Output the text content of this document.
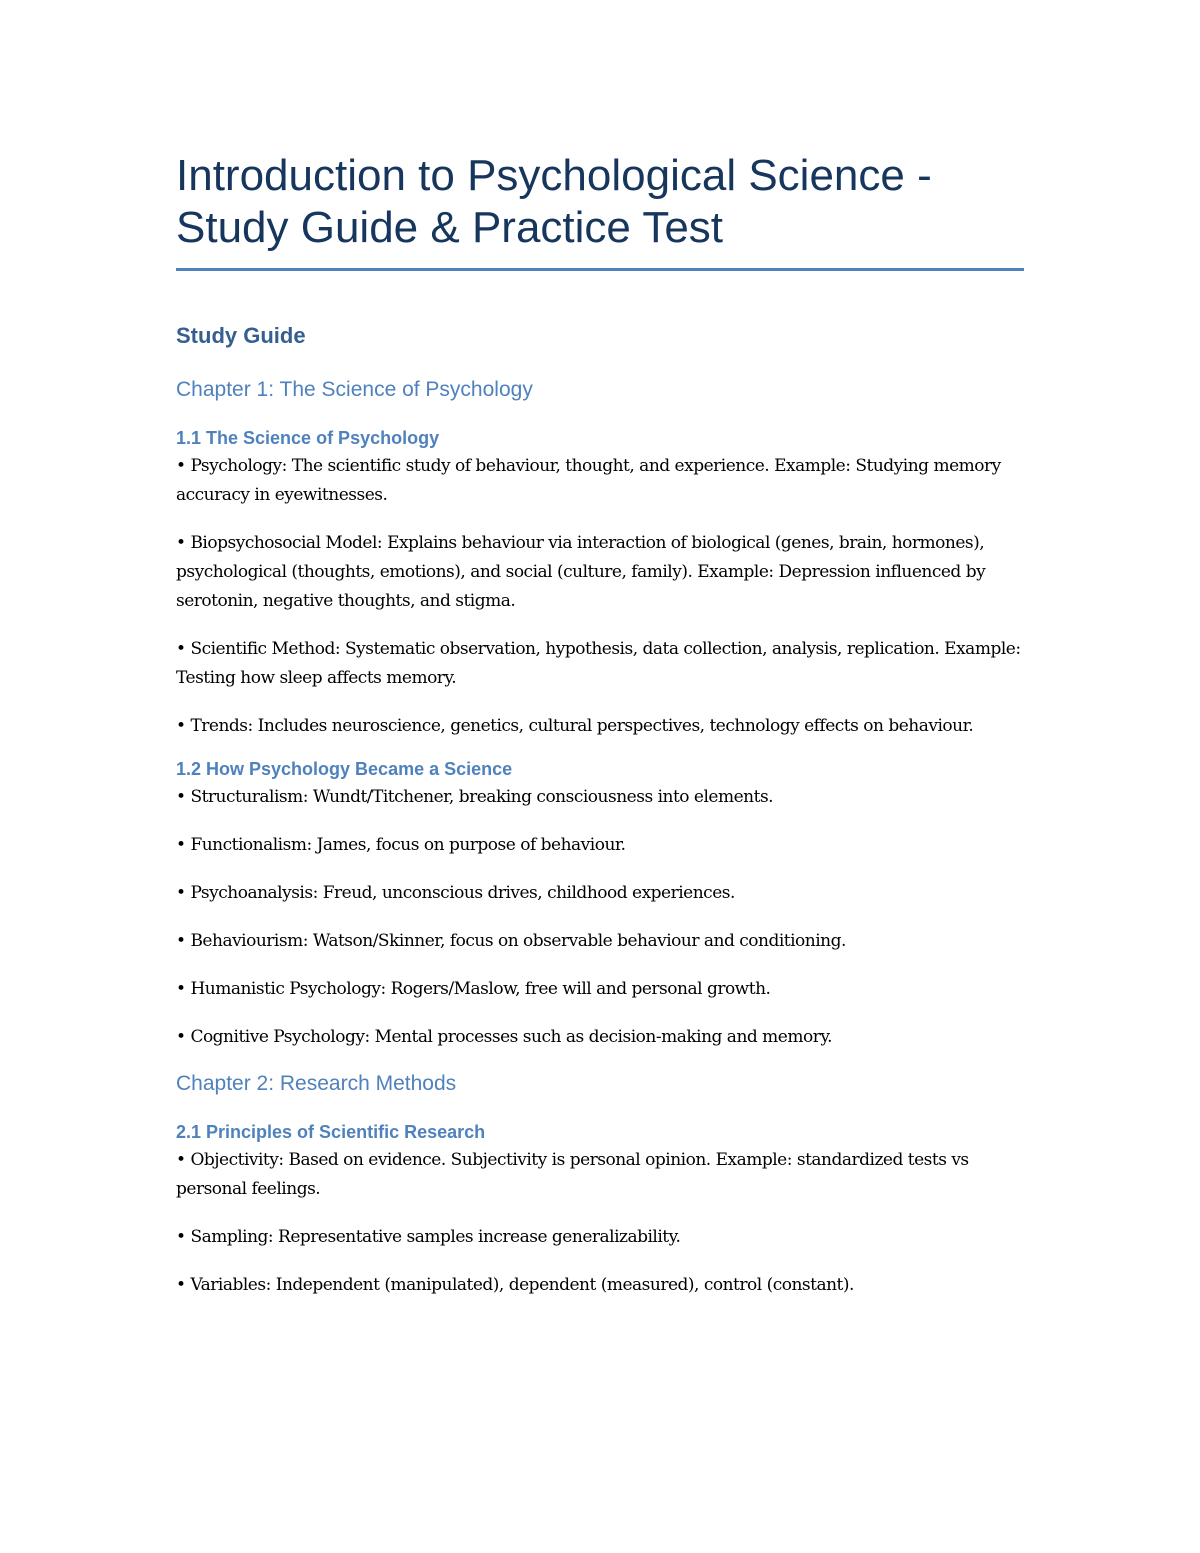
Introduction to Psychological Science -
Study Guide & Practice Test
Study Guide
Chapter 1: The Science of Psychology
1.1 The Science of Psychology

• Psychology: The scientific study of behaviour, thought, and experience. Example: Studying memory accuracy in eyewitnesses.

• Biopsychosocial Model: Explains behaviour via interaction of biological (genes, brain, hormones), psychological (thoughts, emotions), and social (culture, family). Example: Depression influenced by serotonin, negative thoughts, and stigma.

• Scientific Method: Systematic observation, hypothesis, data collection, analysis, replication. Example: Testing how sleep affects memory.

• Trends: Includes neuroscience, genetics, cultural perspectives, technology effects on behaviour.

1.2 How Psychology Became a Science

• Structuralism: Wundt/Titchener, breaking consciousness into elements.

• Functionalism: James, focus on purpose of behaviour.

• Psychoanalysis: Freud, unconscious drives, childhood experiences.

• Behaviourism: Watson/Skinner, focus on observable behaviour and conditioning.

• Humanistic Psychology: Rogers/Maslow, free will and personal growth.

• Cognitive Psychology: Mental processes such as decision-making and memory.

Chapter 2: Research Methods
2.1 Principles of Scientific Research

• Objectivity: Based on evidence. Subjectivity is personal opinion. Example: standardized tests vs personal feelings.

• Sampling: Representative samples increase generalizability.

• Variables: Independent (manipulated), dependent (measured), control (constant).
